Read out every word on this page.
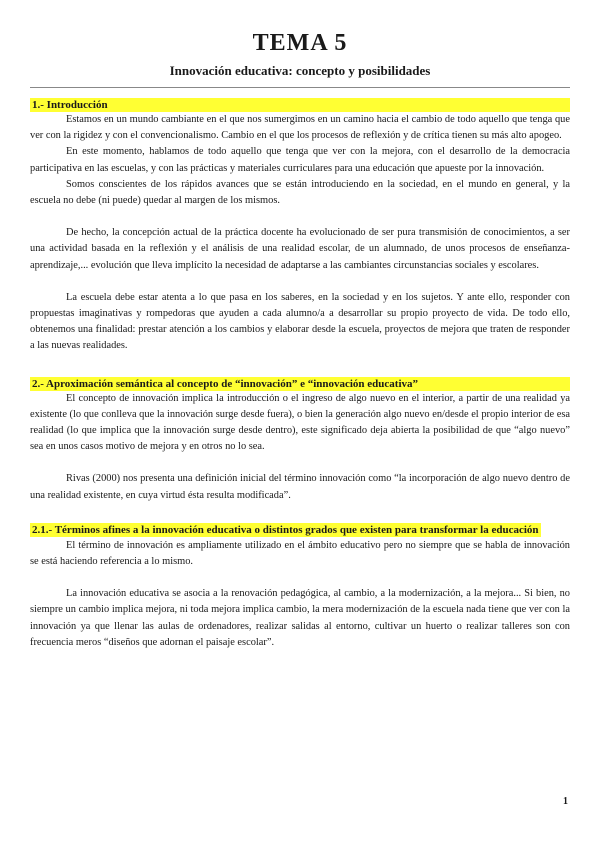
TEMA 5
Innovación educativa: concepto y posibilidades
1.- Introducción

Estamos en un mundo cambiante en el que nos sumergimos en un camino hacia el cambio de todo aquello que tenga que ver con la rigidez y con el convencionalismo. Cambio en el que los procesos de reflexión y de crítica tienen su más alto apogeo.

En este momento, hablamos de todo aquello que tenga que ver con la mejora, con el desarrollo de la democracia participativa en las escuelas, y con las prácticas y materiales curriculares para una educación que apueste por la innovación.

Somos conscientes de los rápidos avances que se están introduciendo en la sociedad, en el mundo en general, y la escuela no debe (ni puede) quedar al margen de los mismos.

De hecho, la concepción actual de la práctica docente ha evolucionado de ser pura transmisión de conocimientos, a ser una actividad basada en la reflexión y el análisis de una realidad escolar, de un alumnado, de unos procesos de enseñanza-aprendizaje,... evolución que lleva implícito la necesidad de adaptarse a las cambiantes circunstancias sociales y escolares.

La escuela debe estar atenta a lo que pasa en los saberes, en la sociedad y en los sujetos. Y ante ello, responder con propuestas imaginativas y rompedoras que ayuden a cada alumno/a a desarrollar su propio proyecto de vida. De todo ello, obtenemos una finalidad: prestar atención a los cambios y elaborar desde la escuela, proyectos de mejora que traten de responder a las nuevas realidades.

2.- Aproximación semántica al concepto de “innovación” e “innovación educativa”

El concepto de innovación implica la introducción o el ingreso de algo nuevo en el interior, a partir de una realidad ya existente (lo que conlleva que la innovación surge desde fuera), o bien la generación algo nuevo en/desde el propio interior de esa realidad (lo que implica que la innovación surge desde dentro), este significado deja abierta la posibilidad de que “algo nuevo” sea en unos casos motivo de mejora y en otros no lo sea.

Rivas (2000) nos presenta una definición inicial del término innovación como “la incorporación de algo nuevo dentro de una realidad existente, en cuya virtud ésta resulta modificada”.

2.1.- Términos afines a la innovación educativa o distintos grados que existen para transformar la educación

El término de innovación es ampliamente utilizado en el ámbito educativo pero no siempre que se habla de innovación se está haciendo referencia a lo mismo.

La innovación educativa se asocia a la renovación pedagógica, al cambio, a la modernización, a la mejora... Si bien, no siempre un cambio implica mejora, ni toda mejora implica cambio, la mera modernización de la escuela nada tiene que ver con la innovación ya que llenar las aulas de ordenadores, realizar salidas al entorno, cultivar un huerto o realizar talleres son con frecuencia meros “diseños que adornan el paisaje escolar”.

1
